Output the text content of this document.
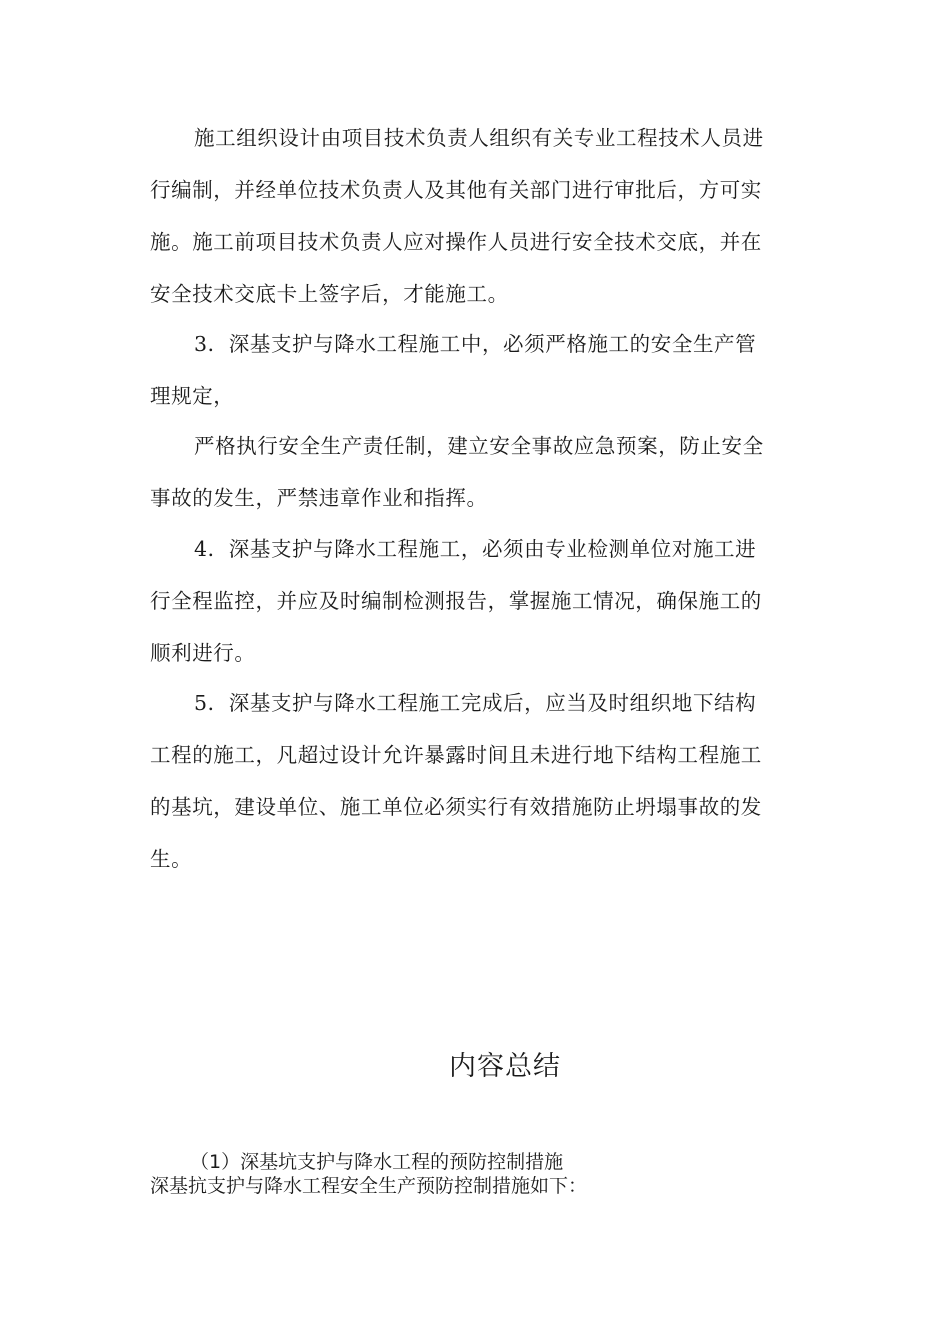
施工组织设计由项目技术负责人组织有关专业工程技术人员进
行编制，并经单位技术负责人及其他有关部门进行审批后，方可实
施。施工前项目技术负责人应对操作人员进行安全技术交底，并在
安全技术交底卡上签字后，才能施工。
3．深基支护与降水工程施工中，必须严格施工的安全生产管
理规定，
严格执行安全生产责任制，建立安全事故应急预案，防止安全
事故的发生，严禁违章作业和指挥。
4．深基支护与降水工程施工，必须由专业检测单位对施工进
行全程监控，并应及时编制检测报告，掌握施工情况，确保施工的
顺利进行。
5．深基支护与降水工程施工完成后，应当及时组织地下结构
工程的施工，凡超过设计允许暴露时间且未进行地下结构工程施工
的基坑，建设单位、施工单位必须实行有效措施防止坍塌事故的发
生。
内容总结
（1）深基坑支护与降水工程的预防控制措施
深基抗支护与降水工程安全生产预防控制措施如下：
